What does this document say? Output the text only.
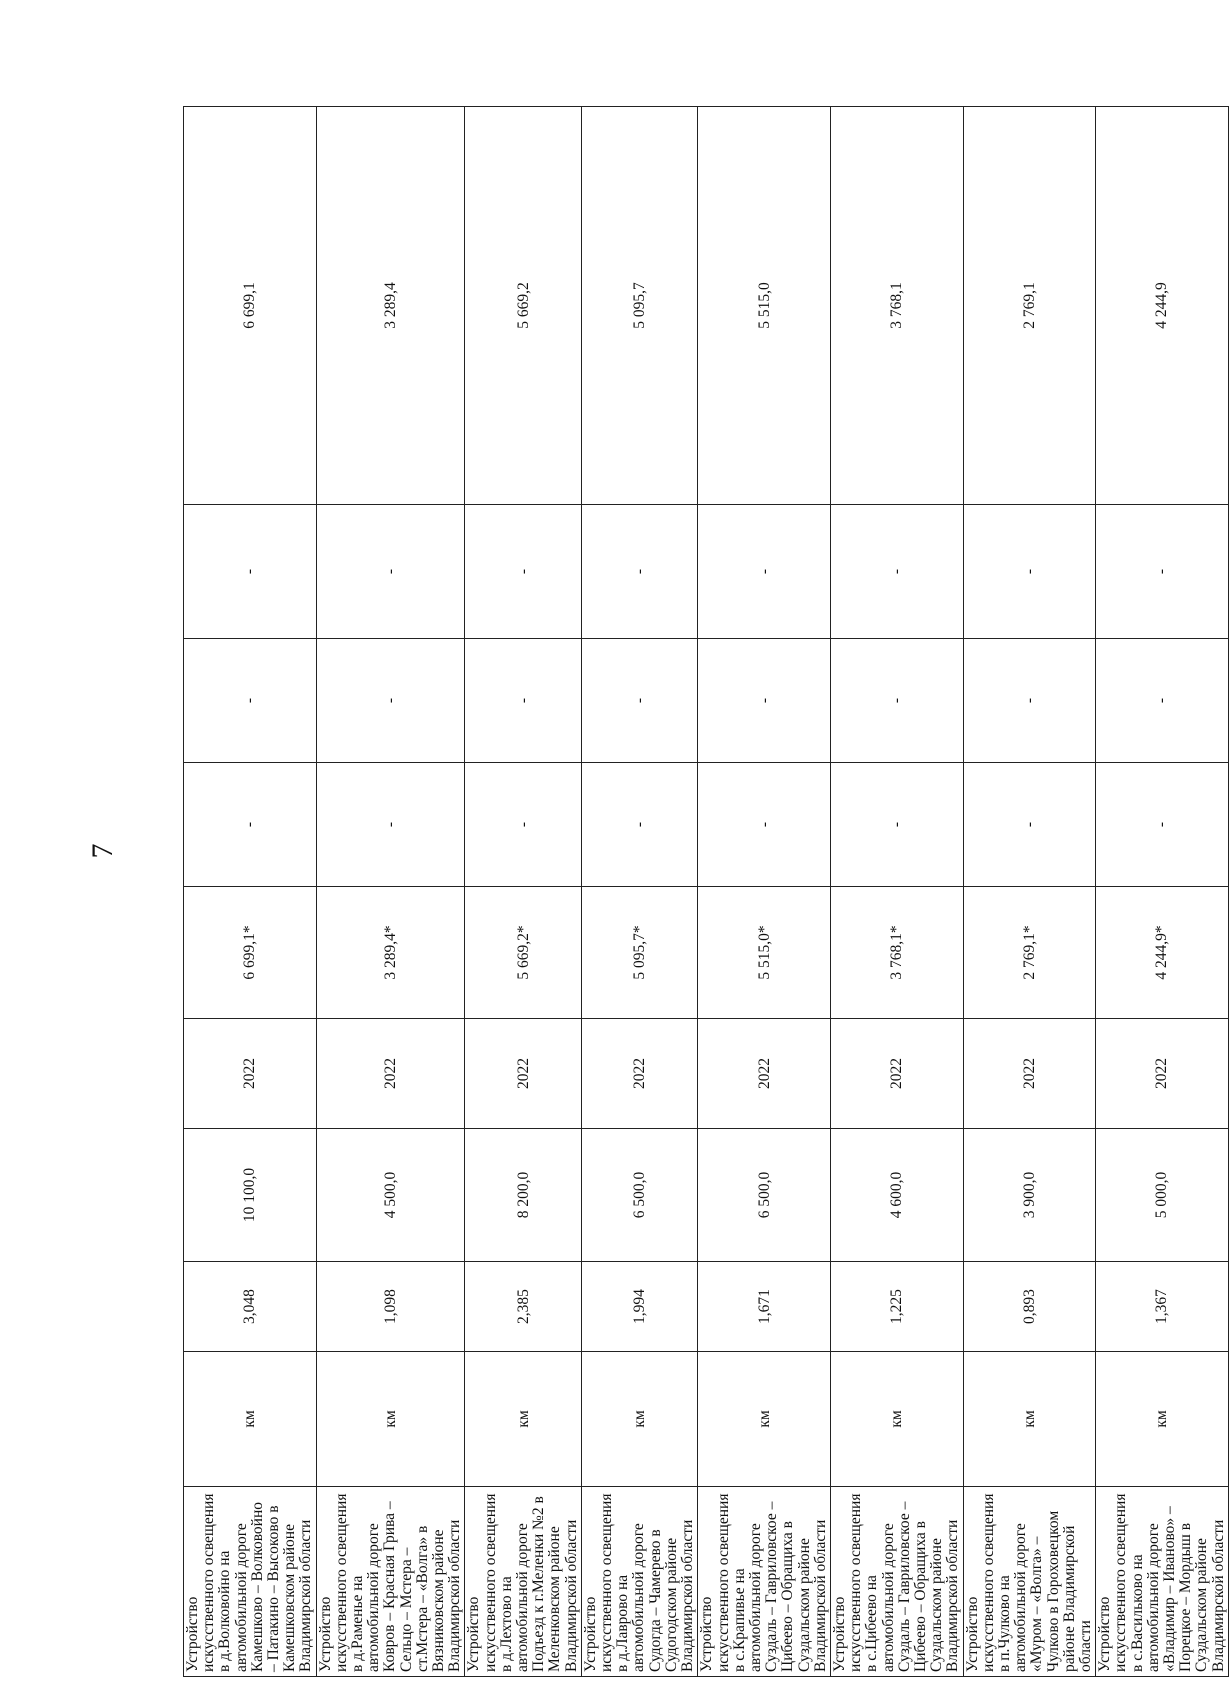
7
Устройство искусственного освещения в д.Волковойно на автомобильной дороге Камешково – Волковойно – Патакино – Высоково в Камешковском районе Владимирской области	км	3,048	10 100,0	2022	6 699,1*	-	-	-	6 699,1
Устройство искусственного освещения в д.Раменье на автомобильной дороге Ковров – Красная Грива – Сельцо – Мстера – ст.Мстера – «Волга» в Вязниковском районе Владимирской области	км	1,098	4 500,0	2022	3 289,4*	-	-	-	3 289,4
Устройство искусственного освещения в д.Лехтово на автомобильной дороге Подъезд к г.Меленки №2 в Меленковском районе Владимирской области	км	2,385	8 200,0	2022	5 669,2*	-	-	-	5 669,2
Устройство искусственного освещения в д.Лаврово на автомобильной дороге Судогда – Чамерево в Судогодском районе Владимирской области	км	1,994	6 500,0	2022	5 095,7*	-	-	-	5 095,7
Устройство искусственного освещения в с.Крапивье на автомобильной дороге Суздаль – Гавриловское – Цибеево – Обращиха в Суздальском районе Владимирской области	км	1,671	6 500,0	2022	5 515,0*	-	-	-	5 515,0
Устройство искусственного освещения в с.Цибеево на автомобильной дороге Суздаль – Гавриловское – Цибеево – Обращиха в Суздальском районе Владимирской области	км	1,225	4 600,0	2022	3 768,1*	-	-	-	3 768,1
Устройство искусственного освещения в п.Чулково на автомобильной дороге «Муром – «Волга» – Чулково в Гороховецком районе Владимирской области	км	0,893	3 900,0	2022	2 769,1*	-	-	-	2 769,1
Устройство искусственного освещения в с.Васильково на автомобильной дороге «Владимир – Иваново» – Порецкое – Мордыш в Суздальском районе Владимирской области	км	1,367	5 000,0	2022	4 244,9*	-	-	-	4 244,9
